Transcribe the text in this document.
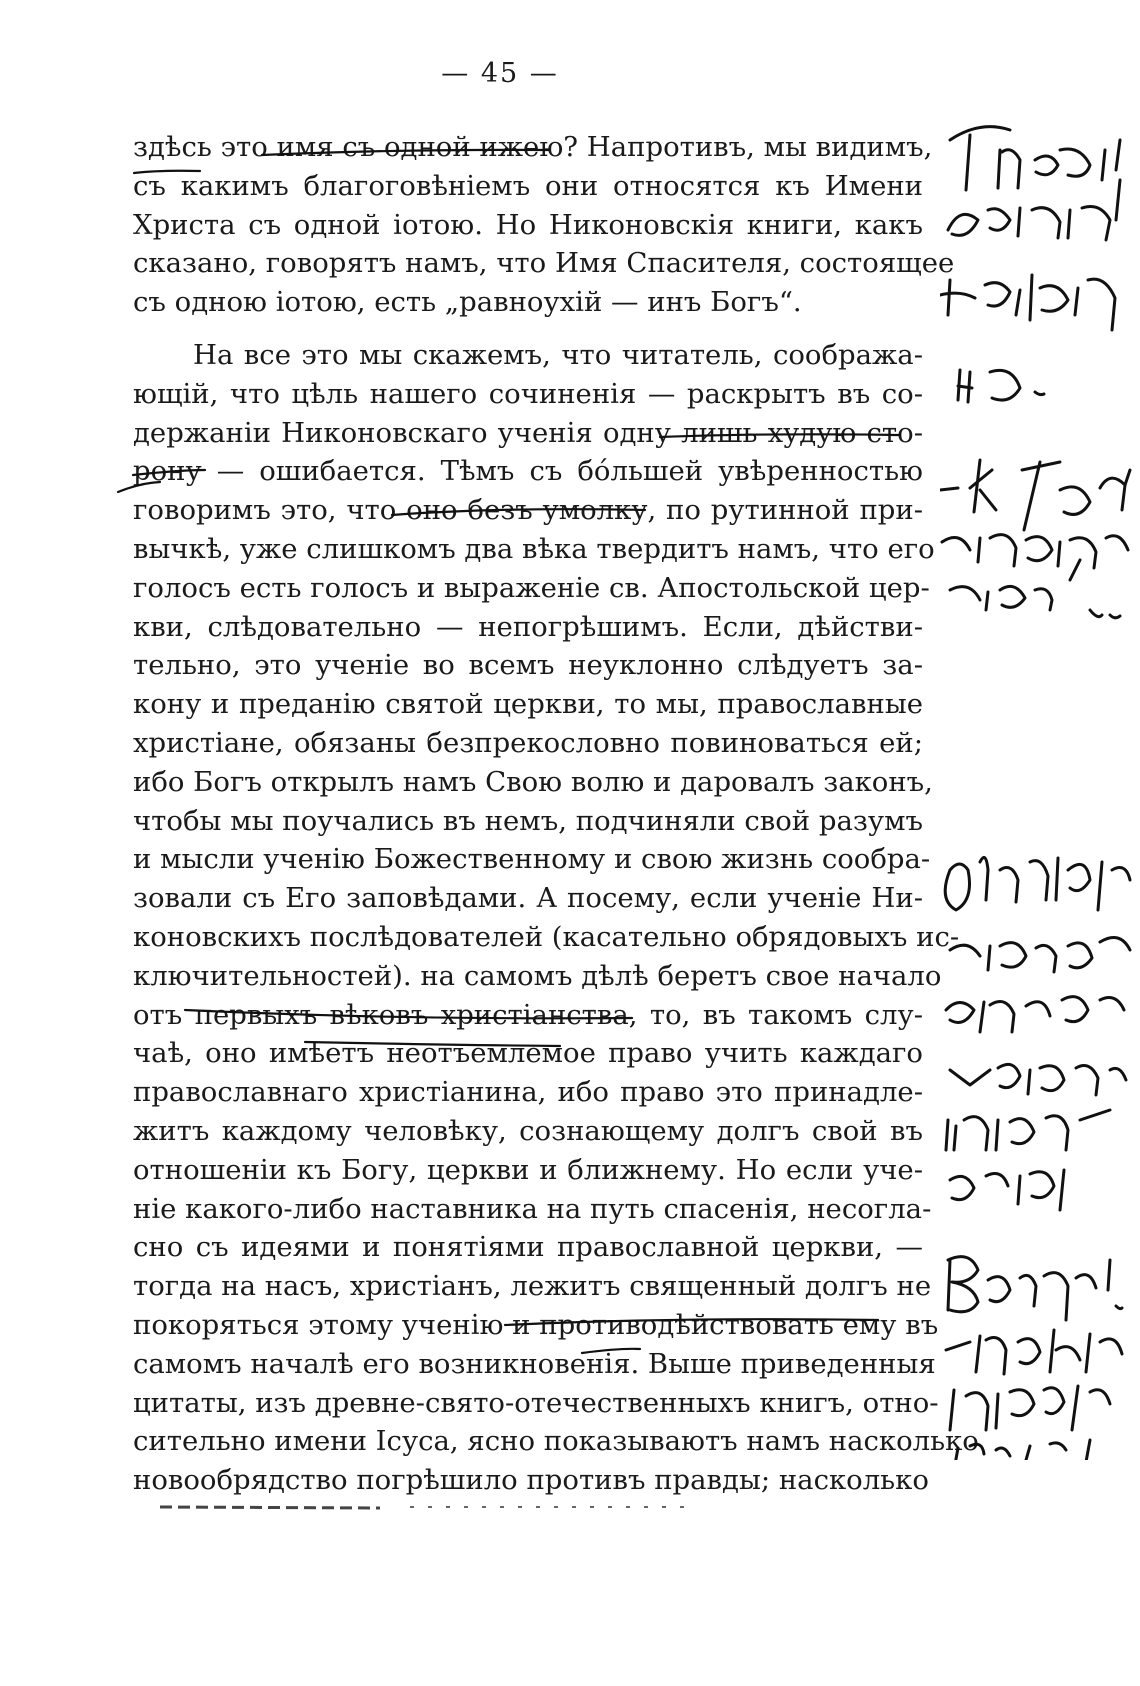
— 45 —
здѣсь это имя съ одной ижею? Напротивъ, мы видимъ,
съ какимъ благоговѣніемъ они относятся къ Имени
Христа съ одной іотою. Но Никоновскія книги, какъ
сказано, говорятъ намъ, что Имя Спасителя, состоящее
съ одною іотою, есть „равноухій — инъ Богъ“.
На все это мы скажемъ, что читатель, сообража-
ющій, что цѣль нашего сочиненія — раскрытъ въ со-
держаніи Никоновскаго ученія одну лишь худую сто-
рону — ошибается. Тѣмъ съ бóльшей увѣренностью
говоримъ это, что оно безъ умолку, по рутинной при-
вычкѣ, уже слишкомъ два вѣка твердитъ намъ, что его
голосъ есть голосъ и выраженіе св. Апостольской цер-
кви, слѣдовательно — непогрѣшимъ. Если, дѣйстви-
тельно, это ученіе во всемъ неуклонно слѣдуетъ за-
кону и преданію святой церкви, то мы, православные
христіане, обязаны безпрекословно повиноваться ей;
ибо Богъ открылъ намъ Свою волю и даровалъ законъ,
чтобы мы поучались въ немъ, подчиняли свой разумъ
и мысли ученію Божественному и свою жизнь сообра-
зовали съ Его заповѣдами. А посему, если ученіе Ни-
коновскихъ послѣдователей (касательно обрядовыхъ ис-
ключительностей). на самомъ дѣлѣ беретъ свое начало
отъ первыхъ вѣковъ христіанства, то, въ такомъ слу-
чаѣ, оно имѣетъ неотъемлемое право учить каждаго
православнаго христіанина, ибо право это принадле-
житъ каждому человѣку, сознающему долгъ свой въ
отношеніи къ Богу, церкви и ближнему. Но если уче-
ніе какого-либо наставника на путь спасенія, несогла-
сно съ идеями и понятіями православной церкви, —
тогда на насъ, христіанъ, лежитъ священный долгъ не
покоряться этому ученію и противодѣйствовать ему въ
самомъ началѣ его возникновенія. Выше приведенныя
цитаты, изъ древне-свято-отечественныхъ книгъ, отно-
сительно имени Ісуса, ясно показываютъ намъ насколько
новообрядство погрѣшило противъ правды; насколько
